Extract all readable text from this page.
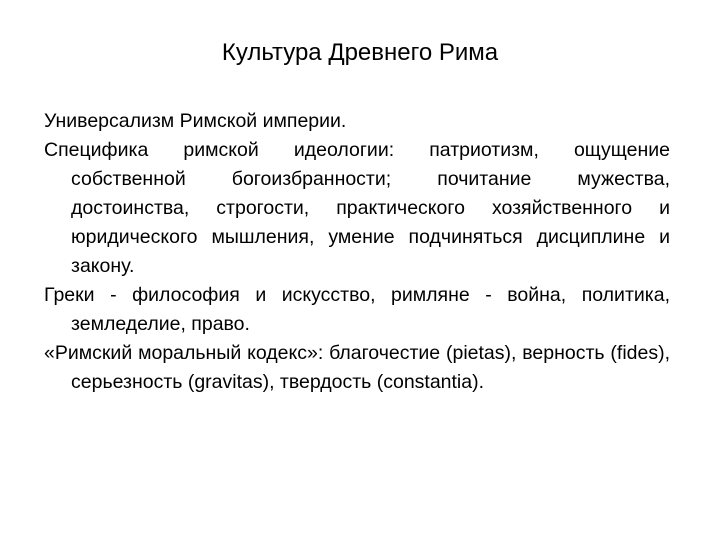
Культура Древнего Рима

Универсализм Римской империи.

Специфика римской идеологии: патриотизм, ощущение собственной богоизбранности; почитание мужества, достоинства, строгости, практического хозяйственного и юридического мышления, умение подчиняться дисциплине и закону.

Греки - философия и искусство, римляне - война, политика, земледелие, право.

«Римский моральный кодекс»: благочестие (pietas), верность (fides), серьезность (gravitas), твердость (constantia).
